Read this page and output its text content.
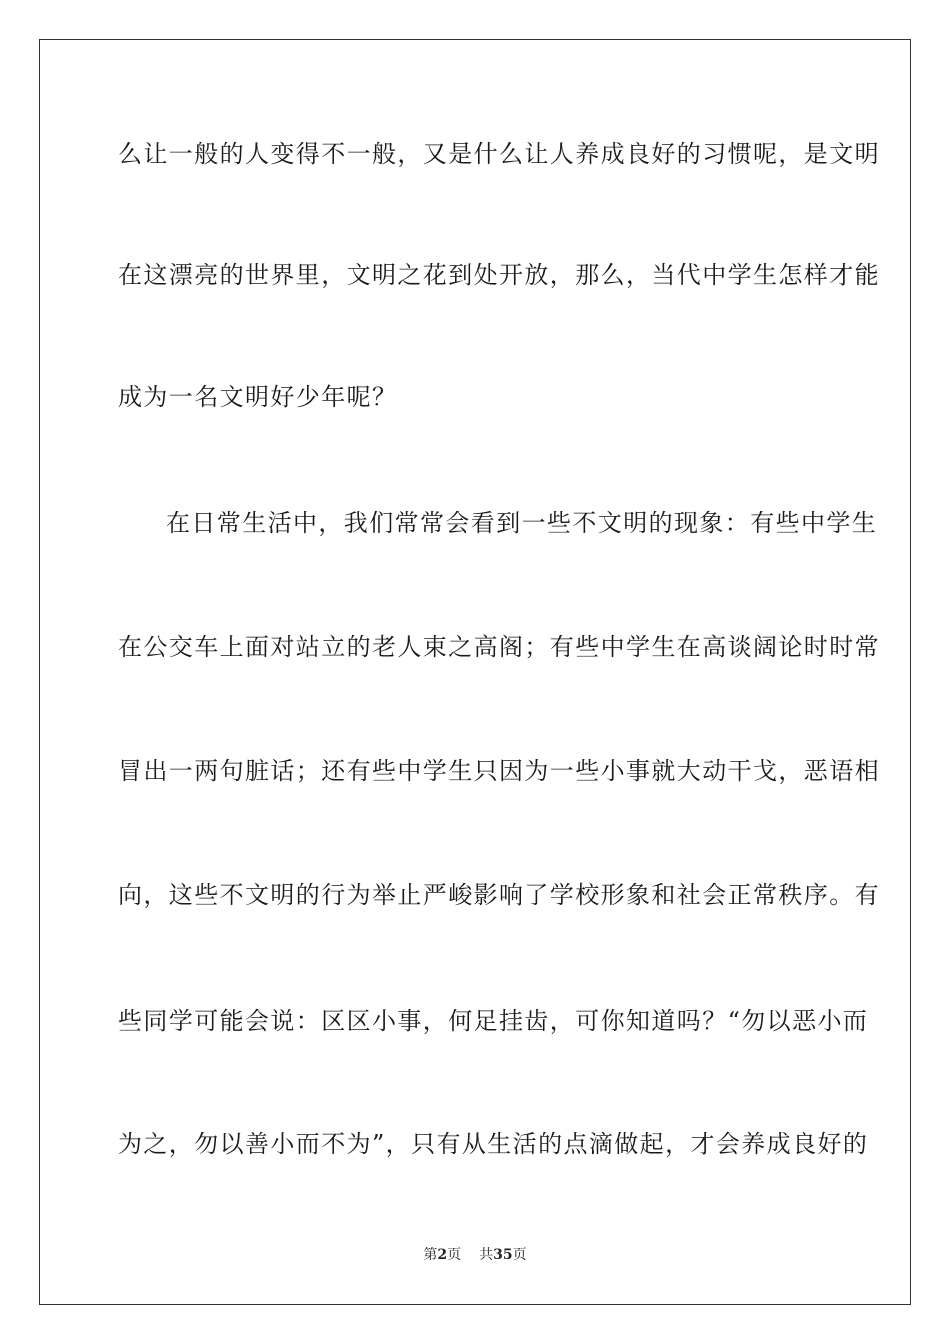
么让一般的人变得不一般，又是什么让人养成良好的习惯呢，是文明
在这漂亮的世界里，文明之花到处开放，那么，当代中学生怎样才能
成为一名文明好少年呢？
在日常生活中，我们常常会看到一些不文明的现象：有些中学生
在公交车上面对站立的老人束之高阁；有些中学生在高谈阔论时时常
冒出一两句脏话；还有些中学生只因为一些小事就大动干戈，恶语相
向，这些不文明的行为举止严峻影响了学校形象和社会正常秩序。有
些同学可能会说：区区小事，何足挂齿，可你知道吗？“勿以恶小而
为之，勿以善小而不为”，只有从生活的点滴做起，才会养成良好的
第2页 共35页
